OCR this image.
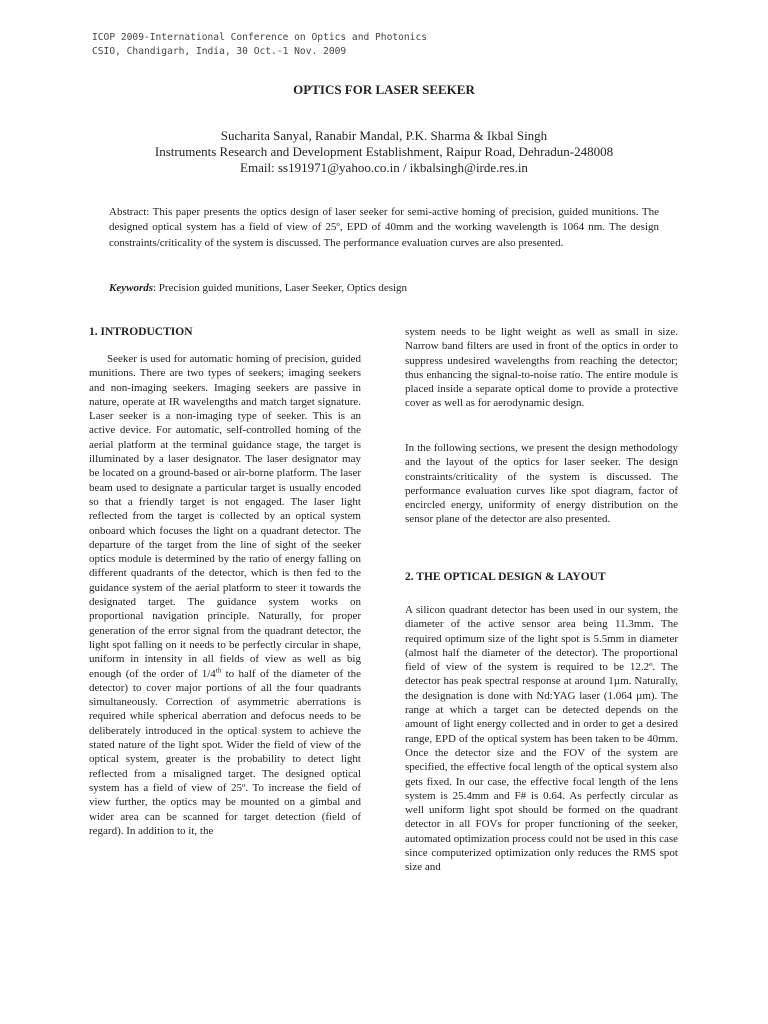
ICOP 2009-International Conference on Optics and Photonics
CSIO, Chandigarh, India, 30 Oct.-1 Nov. 2009
OPTICS FOR LASER SEEKER
Sucharita Sanyal, Ranabir Mandal, P.K. Sharma & Ikbal Singh
Instruments Research and Development Establishment, Raipur Road, Dehradun-248008
Email: ss191971@yahoo.co.in / ikbalsingh@irde.res.in
Abstract: This paper presents the optics design of laser seeker for semi-active homing of precision, guided munitions. The designed optical system has a field of view of 25º, EPD of 40mm and the working wavelength is 1064 nm. The design constraints/criticality of the system is discussed. The performance evaluation curves are also presented.
Keywords: Precision guided munitions, Laser Seeker, Optics design
1. INTRODUCTION

Seeker is used for automatic homing of precision, guided munitions. There are two types of seekers; imaging seekers and non-imaging seekers. Imaging seekers are passive in nature, operate at IR wavelengths and match target signature. Laser seeker is a non-imaging type of seeker. This is an active device. For automatic, self-controlled homing of the aerial platform at the terminal guidance stage, the target is illuminated by a laser designator. The laser designator may be located on a ground-based or air-borne platform. The laser beam used to designate a particular target is usually encoded so that a friendly target is not engaged. The laser light reflected from the target is collected by an optical system onboard which focuses the light on a quadrant detector. The departure of the target from the line of sight of the seeker optics module is determined by the ratio of energy falling on different quadrants of the detector, which is then fed to the guidance system of the aerial platform to steer it towards the designated target. The guidance system works on proportional navigation principle. Naturally, for proper generation of the error signal from the quadrant detector, the light spot falling on it needs to be perfectly circular in shape, uniform in intensity in all fields of view as well as big enough (of the order of 1/4th to half of the diameter of the detector) to cover major portions of all the four quadrants simultaneously. Correction of asymmetric aberrations is required while spherical aberration and defocus needs to be deliberately introduced in the optical system to achieve the stated nature of the light spot. Wider the field of view of the optical system, greater is the probability to detect light reflected from a misaligned target. The designed optical system has a field of view of 25º. To increase the field of view further, the optics may be mounted on a gimbal and wider area can be scanned for target detection (field of regard). In addition to it, the

system needs to be light weight as well as small in size. Narrow band filters are used in front of the optics in order to suppress undesired wavelengths from reaching the detector; thus enhancing the signal-to-noise ratio. The entire module is placed inside a separate optical dome to provide a protective cover as well as for aerodynamic design.

In the following sections, we present the design methodology and the layout of the optics for laser seeker. The design constraints/criticality of the system is discussed. The performance evaluation curves like spot diagram, factor of encircled energy, uniformity of energy distribution on the sensor plane of the detector are also presented.

2. THE OPTICAL DESIGN & LAYOUT

A silicon quadrant detector has been used in our system, the diameter of the active sensor area being 11.3mm. The required optimum size of the light spot is 5.5mm in diameter (almost half the diameter of the detector). The proportional field of view of the system is required to be 12.2º. The detector has peak spectral response at around 1µm. Naturally, the designation is done with Nd:YAG laser (1.064 µm). The range at which a target can be detected depends on the amount of light energy collected and in order to get a desired range, EPD of the optical system has been taken to be 40mm. Once the detector size and the FOV of the system are specified, the effective focal length of the optical system also gets fixed. In our case, the effective focal length of the lens system is 25.4mm and F# is 0.64. As perfectly circular as well uniform light spot should be formed on the quadrant detector in all FOVs for proper functioning of the seeker, automated optimization process could not be used in this case since computerized optimization only reduces the RMS spot size and
